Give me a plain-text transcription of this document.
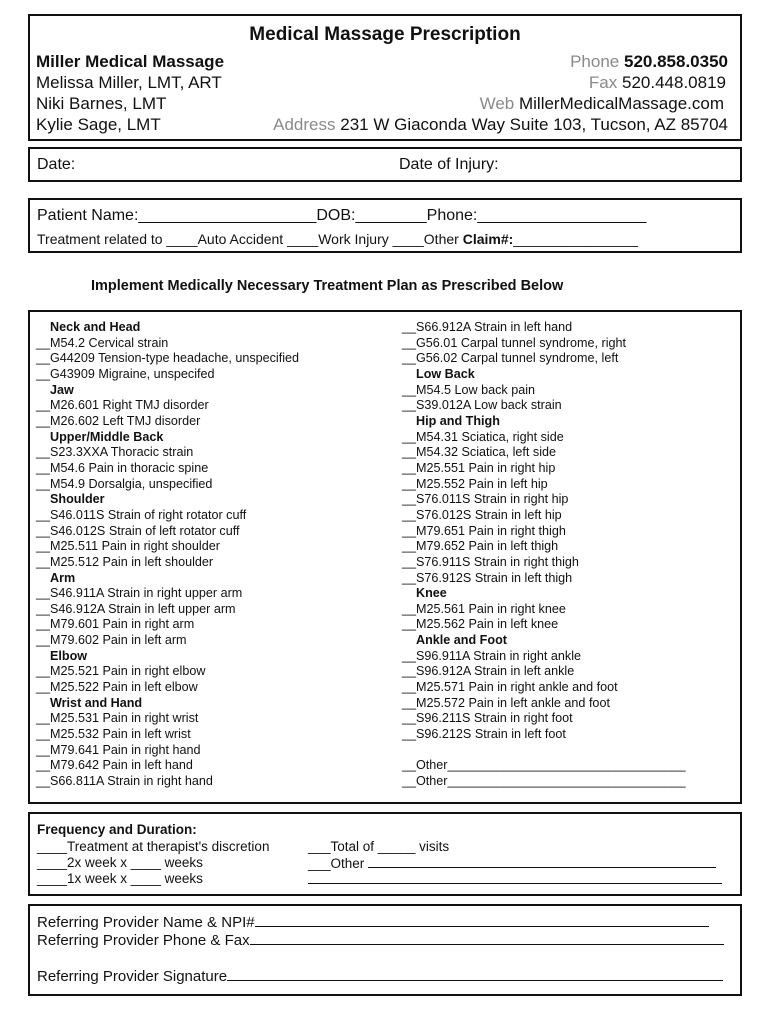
Medical Massage Prescription
Miller Medical Massage
Melissa Miller, LMT, ART
Niki Barnes, LMT
Kylie Sage, LMT
Phone 520.858.0350
Fax 520.448.0819
Web MillerMedicalMassage.com
Address 231 W Giaconda Way Suite 103, Tucson, AZ 85704
Date:	Date of Injury:
Patient Name:____________________DOB:________Phone:___________________
Treatment related to ____Auto Accident ____Work Injury ____Other Claim#:________________
Implement Medically Necessary Treatment Plan as Prescribed Below
Neck and Head
__M54.2 Cervical strain
__G44209 Tension-type headache, unspecified
__G43909 Migraine, unspecifed
Jaw
__M26.601 Right TMJ disorder
__M26.602 Left TMJ disorder
Upper/Middle Back
__S23.3XXA Thoracic strain
__M54.6 Pain in thoracic spine
__M54.9 Dorsalgia, unspecified
Shoulder
__S46.011S Strain of right rotator cuff
__S46.012S Strain of left rotator cuff
__M25.511 Pain in right shoulder
__M25.512 Pain in left shoulder
Arm
__S46.911A Strain in right upper arm
__S46.912A Strain in left upper arm
__M79.601 Pain in right arm
__M79.602 Pain in left arm
Elbow
__M25.521 Pain in right elbow
__M25.522 Pain in left elbow
Wrist and Hand
__M25.531 Pain in right wrist
__M25.532 Pain in left wrist
__M79.641 Pain in right hand
__M79.642 Pain in left hand
__S66.811A Strain in right hand
__S66.912A Strain in left hand
__G56.01 Carpal tunnel syndrome, right
__G56.02 Carpal tunnel syndrome, left
Low Back
__M54.5 Low back pain
__S39.012A Low back strain
Hip and Thigh
__M54.31 Sciatica, right side
__M54.32 Sciatica, left side
__M25.551 Pain in right hip
__M25.552 Pain in left hip
__S76.011S Strain in right hip
__S76.012S Strain in left hip
__M79.651 Pain in right thigh
__M79.652 Pain in left thigh
__S76.911S Strain in right thigh
__S76.912S Strain in left thigh
Knee
__M25.561 Pain in right knee
__M25.562 Pain in left knee
Ankle and Foot
__S96.911A Strain in right ankle
__S96.912A Strain in left ankle
__M25.571 Pain in right ankle and foot
__M25.572 Pain in left ankle and foot
__S96.211S Strain in right foot
__S96.212S Strain in left foot

__Other__________________________________
__Other__________________________________
Frequency and Duration:
____Treatment at therapist's discretion
____2x week x ____ weeks
____1x week x ____ weeks
___Total of _____ visits
___Other
Referring Provider Name & NPI#
Referring Provider Phone & Fax
Referring Provider Signature
